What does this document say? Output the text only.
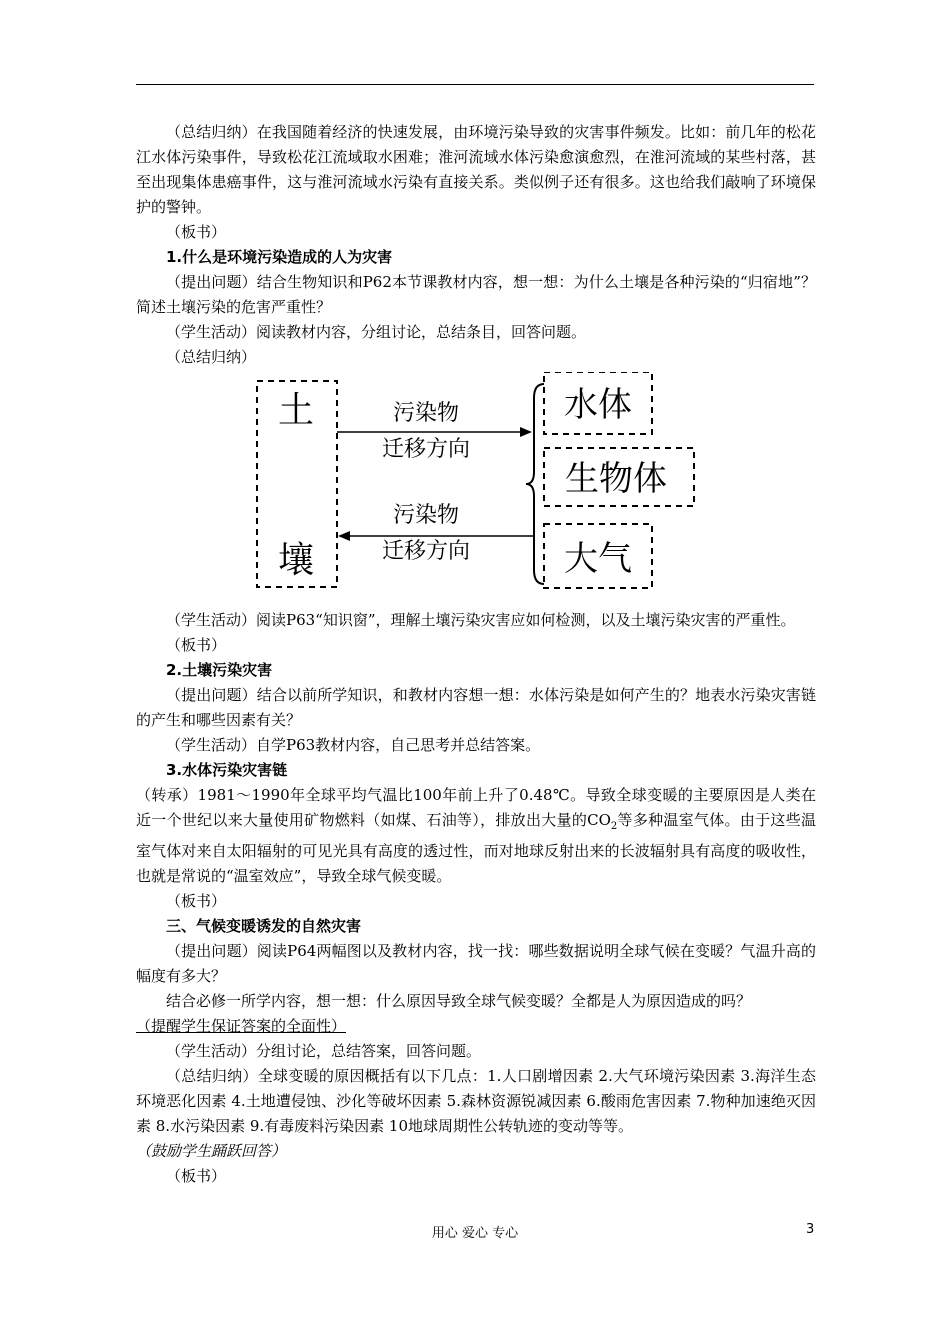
（总结归纳）在我国随着经济的快速发展，由环境污染导致的灾害事件频发。比如：前几年的松花江水体污染事件，导致松花江流域取水困难；淮河流域水体污染愈演愈烈，在淮河流域的某些村落，甚至出现集体患癌事件，这与淮河流域水污染有直接关系。类似例子还有很多。这也给我们敲响了环境保护的警钟。

（板书）

1.什么是环境污染造成的人为灾害

（提出问题）结合生物知识和P62本节课教材内容，想一想：为什么土壤是各种污染的“归宿地”？简述土壤污染的危害严重性？

（学生活动）阅读教材内容，分组讨论，总结条目，回答问题。

（总结归纳）

土
壤
污染物
迁移方向
污染物
迁移方向
水体
生物体
大气

（学生活动）阅读P63“知识窗”，理解土壤污染灾害应如何检测，以及土壤污染灾害的严重性。

（板书）

2.土壤污染灾害

（提出问题）结合以前所学知识，和教材内容想一想：水体污染是如何产生的？地表水污染灾害链的产生和哪些因素有关？

（学生活动）自学P63教材内容，自己思考并总结答案。

3.水体污染灾害链

（转承）1981～1990年全球平均气温比100年前上升了0.48℃。导致全球变暖的主要原因是人类在近一个世纪以来大量使用矿物燃料（如煤、石油等），排放出大量的$CO_2$等多种温室气体。由于这些温室气体对来自太阳辐射的可见光具有高度的透过性，而对地球反射出来的长波辐射具有高度的吸收性，也就是常说的“温室效应”，导致全球气候变暖。

（板书）

三、气候变暖诱发的自然灾害

（提出问题）阅读P64两幅图以及教材内容，找一找：哪些数据说明全球气候在变暖？气温升高的幅度有多大？

结合必修一所学内容，想一想：什么原因导致全球气候变暖？全都是人为原因造成的吗？

（提醒学生保证答案的全面性）

（学生活动）分组讨论，总结答案，回答问题。

（总结归纳）全球变暖的原因概括有以下几点：1.人口剧增因素 2.大气环境污染因素 3.海洋生态环境恶化因素 4.土地遭侵蚀、沙化等破坏因素 5.森林资源锐减因素 6.酸雨危害因素 7.物种加速绝灭因素 8.水污染因素 9.有毒废料污染因素 10地球周期性公转轨迹的变动等等。

（鼓励学生踊跃回答）

（板书）

用心 爱心 专心	3
